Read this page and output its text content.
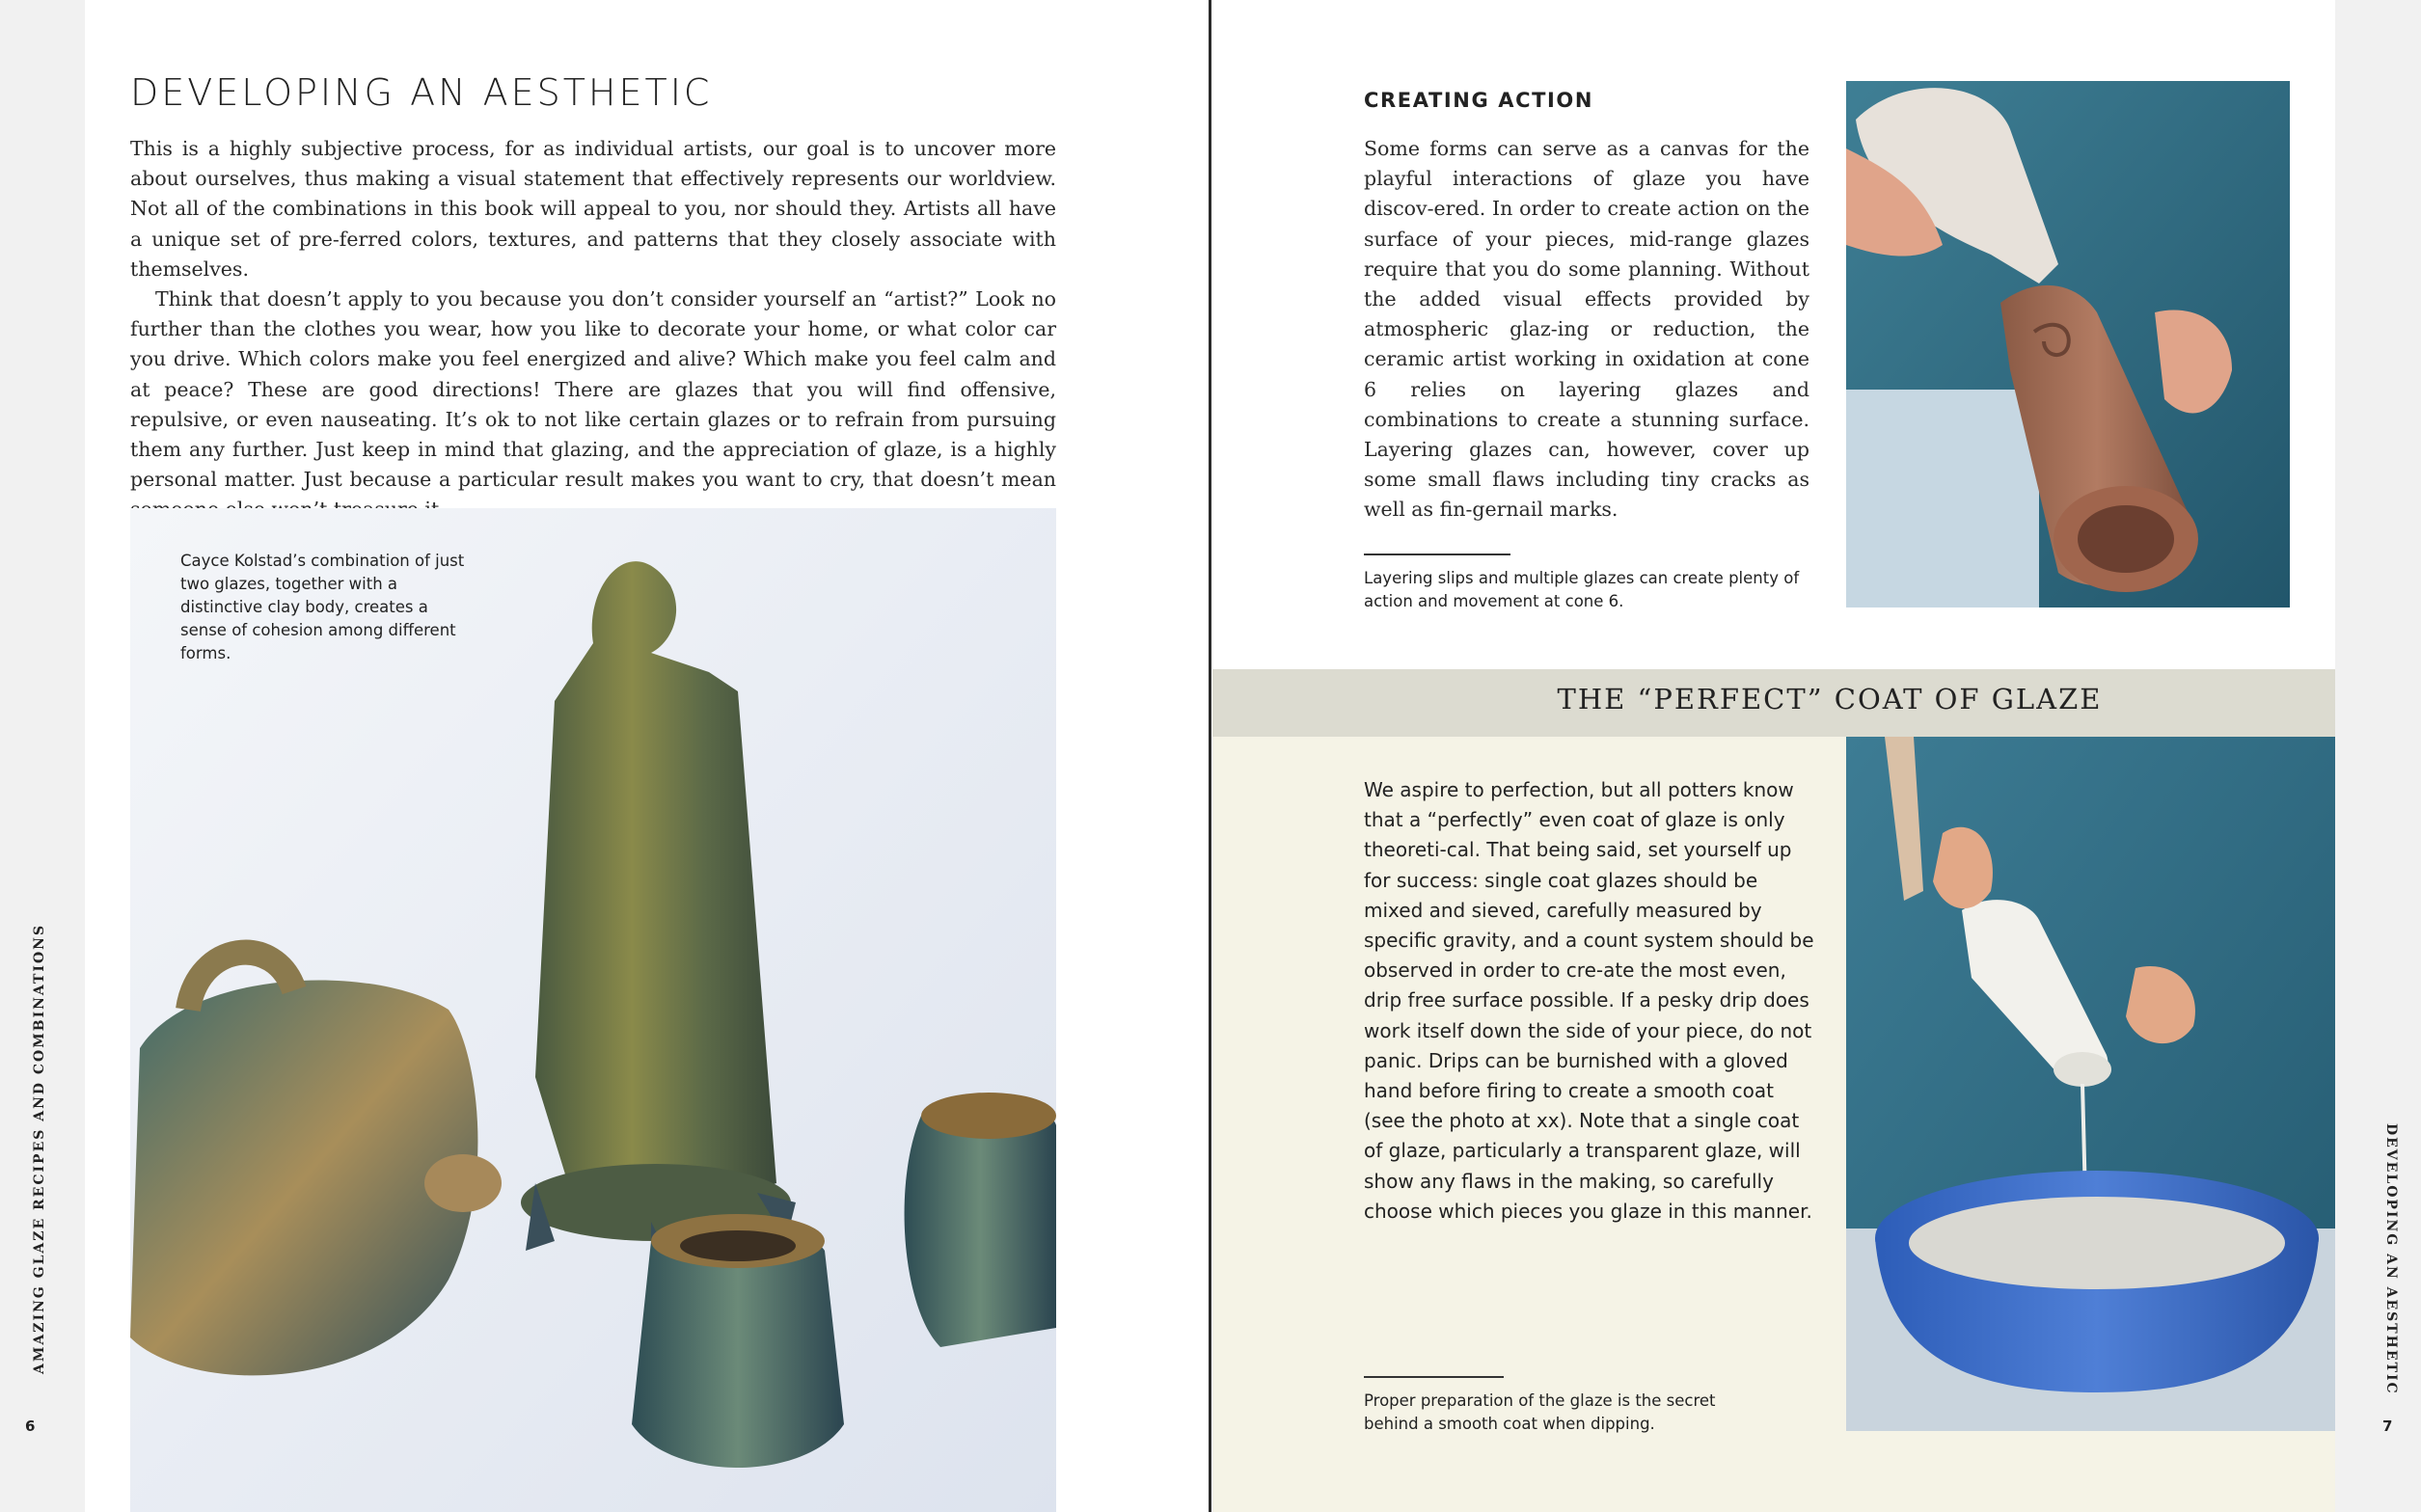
AMAZING GLAZE RECIPES AND COMBINATIONS	DEVELOPING AN AESTHETIC
6	7
DEVELOPING AN AESTHETIC

This is a highly subjective process, for as individual artists, our goal is to uncover more about ourselves, thus making a visual statement that effectively represents our worldview. Not all of the combinations in this book will appeal to you, nor should they. Artists all have a unique set of pre-ferred colors, textures, and patterns that they closely associate with themselves.

Think that doesn’t apply to you because you don’t consider yourself an “artist?” Look no further than the clothes you wear, how you like to decorate your home, or what color car you drive. Which colors make you feel energized and alive? Which make you feel calm and at peace? These are good directions! There are glazes that you will find offensive, repulsive, or even nauseating. It’s ok to not like certain glazes or to refrain from pursuing them any further. Just keep in mind that glazing, and the appreciation of glaze, is a highly personal matter. Just because a particular result makes you want to cry, that doesn’t mean

Cayce Kolstad’s combination of just two glazes, together with a distinctive clay body, creates a sense of cohesion among different forms.

CREATING ACTION

Some forms can serve as a canvas for the playful interactions of glaze you have discov-ered. In order to create action on the surface of your pieces, mid-range glazes require that you do some planning. Without the added visual effects provided by atmospheric glaz-ing or reduction, the ceramic artist working in oxidation at cone 6 relies on layering glazes and combinations to create a stunning surface. Layering glazes can, however, cover up some small flaws including tiny cracks as well as fin-gernail marks.

Layering slips and multiple glazes can create plenty of action and movement at cone 6.

THE “PERFECT” COAT OF GLAZE

We aspire to perfection, but all potters know that a “perfectly” even coat of glaze is only theoreti-cal. That being said, set yourself up for success: single coat glazes should be mixed and sieved, carefully measured by specific gravity, and a count system should be observed in order to cre-ate the most even, drip free surface possible. If a pesky drip does work itself down the side of your piece, do not panic. Drips can be burnished with a gloved hand before firing to create a smooth coat (see the photo at xx). Note that a single coat of glaze, particularly a transparent glaze, will show any flaws in the making, so carefully choose which pieces you glaze in this manner.

Proper preparation of the glaze is the secret behind a smooth coat when dipping.
